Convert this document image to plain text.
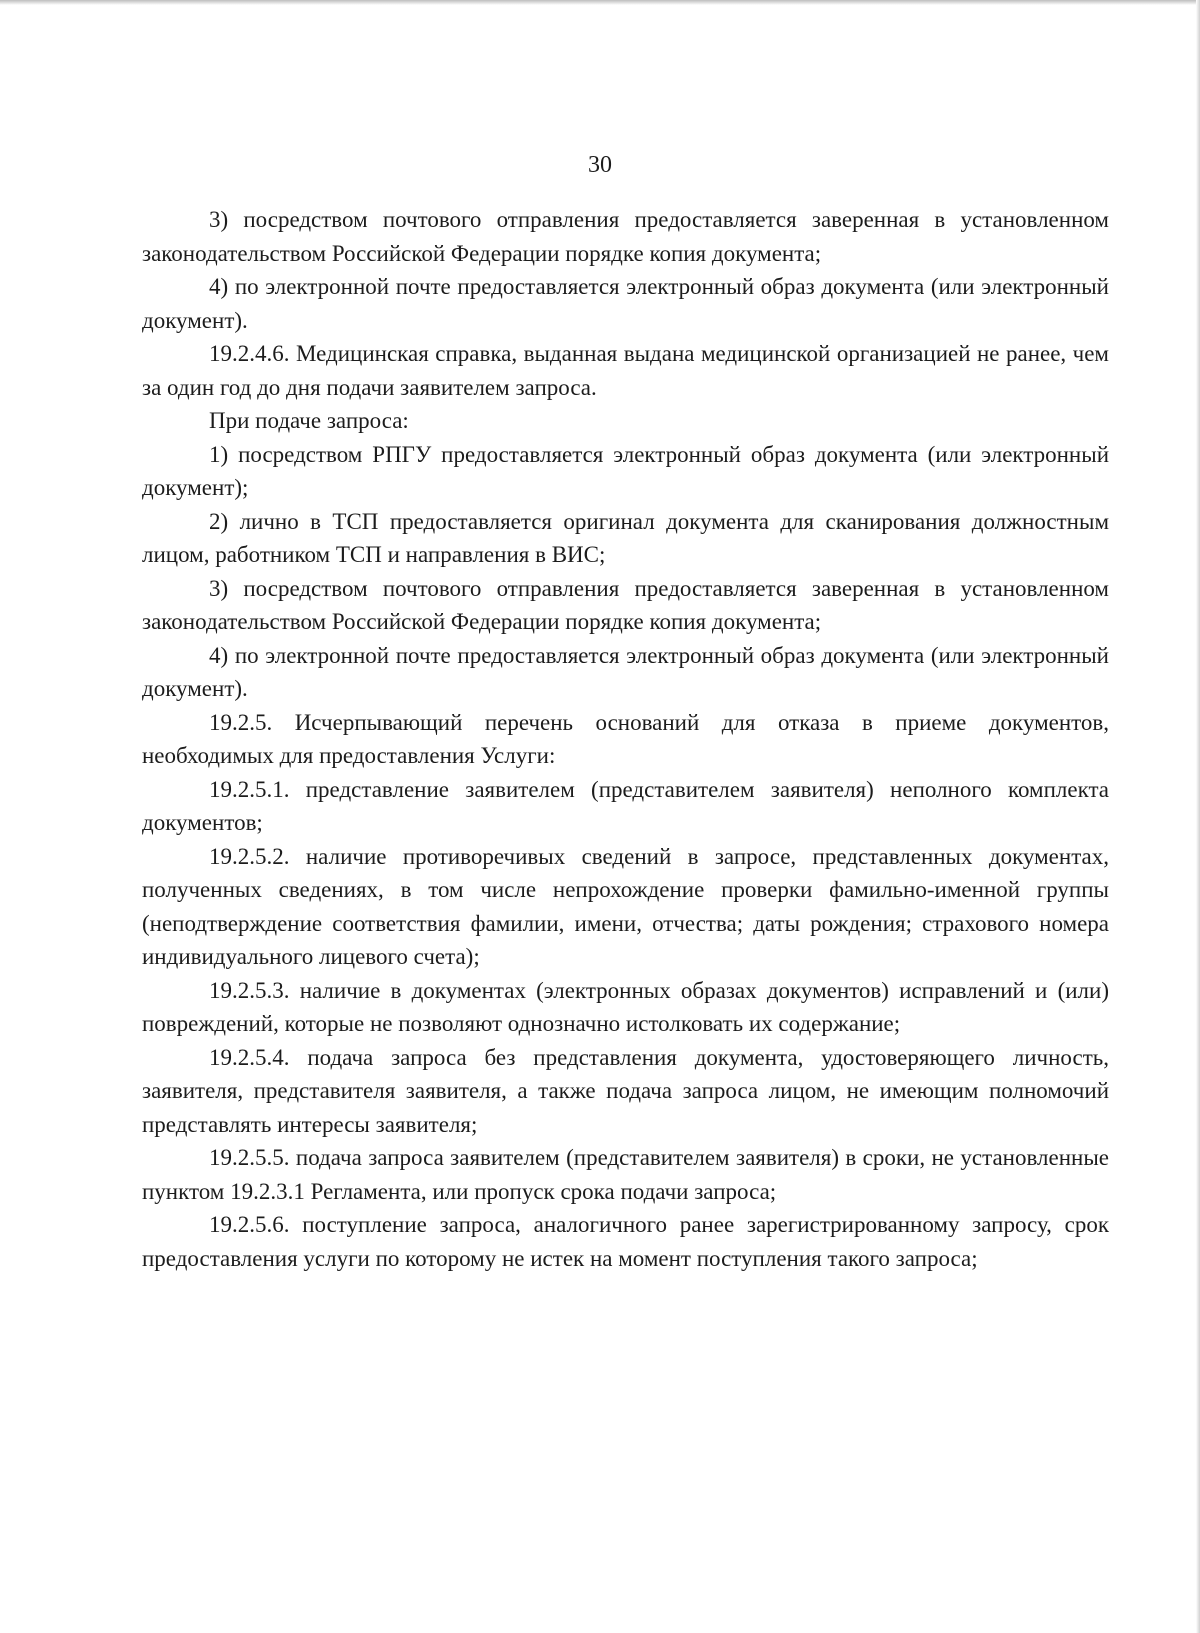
30

3) посредством почтового отправления предоставляется заверенная в установленном законодательством Российской Федерации порядке копия документа;

4) по электронной почте предоставляется электронный образ документа (или электронный документ).

19.2.4.6. Медицинская справка, выданная выдана медицинской организацией не ранее, чем за один год до дня подачи заявителем запроса.

При подаче запроса:

1) посредством РПГУ предоставляется электронный образ документа (или электронный документ);

2) лично в ТСП предоставляется оригинал документа для сканирования должностным лицом, работником ТСП и направления в ВИС;

3) посредством почтового отправления предоставляется заверенная в установленном законодательством Российской Федерации порядке копия документа;

4) по электронной почте предоставляется электронный образ документа (или электронный документ).

19.2.5. Исчерпывающий перечень оснований для отказа в приеме документов, необходимых для предоставления Услуги:

19.2.5.1. представление заявителем (представителем заявителя) неполного комплекта документов;

19.2.5.2. наличие противоречивых сведений в запросе, представленных документах, полученных сведениях, в том числе непрохождение проверки фамильно-именной группы (неподтверждение соответствия фамилии, имени, отчества; даты рождения; страхового номера индивидуального лицевого счета);

19.2.5.3. наличие в документах (электронных образах документов) исправлений и (или) повреждений, которые не позволяют однозначно истолковать их содержание;

19.2.5.4. подача запроса без представления документа, удостоверяющего личность, заявителя, представителя заявителя, а также подача запроса лицом, не имеющим полномочий представлять интересы заявителя;

19.2.5.5. подача запроса заявителем (представителем заявителя) в сроки, не установленные пунктом 19.2.3.1 Регламента, или пропуск срока подачи запроса;

19.2.5.6. поступление запроса, аналогичного ранее зарегистрированному запросу, срок предоставления услуги по которому не истек на момент поступления такого запроса;
